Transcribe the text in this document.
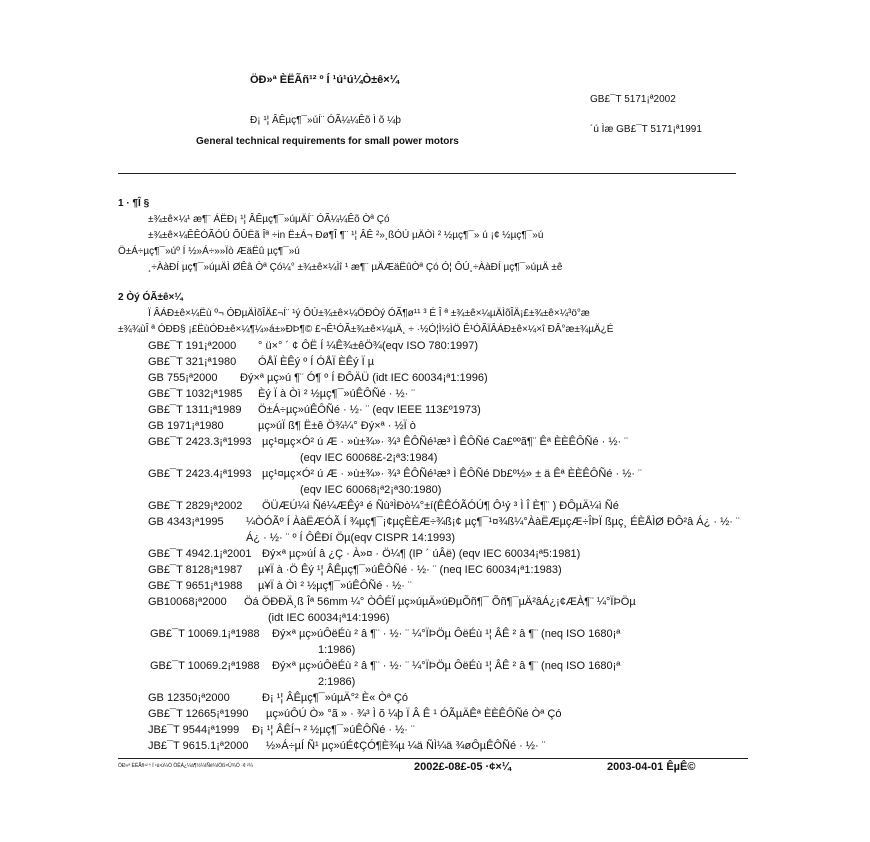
ÖÐ»ª ÈËÃñ¹² º Í ¹ú¹ú¼Ò±ê×¼
GB£¯T 5171¡ª2002
Ð¡ ¹¦ ÂÊµç¶¯»úÍ¨ ÓÃ¼¼Êõ Ì õ ¼þ
´ú Ìæ GB£¯T 5171¡ª1991
General technical requirements for small power motors
1 · ¶Î §
±¾±ê×¼¹ æ¶¨ ÁËÐ¡ ¹¦ ÂÊµç¶¯»úµÄÍ¨ ÓÃ¼¼Êõ Òª Çó
±¾±ê×¼ÊÊÓÃÓÚ ÕÛËã Îª ÷in Ë±Á¬ Ðø¶Î ¶¨ ¹¦ ÂÊ ²»¸ßÓÚ µÄÒì ² ½µç¶¯» ú ¡¢ ½µç¶¯»ú
Ö±Á÷µç¶¯»úº Í ½»Á÷»»Ïò ÆäËû µç¶¯»ú
¸÷ÀàÐÍ µç¶¯»úµÄÌ ØÊâ Òª Çó¼° ±¾±ê×¼Ìî ¹ æ¶¨ µÄÆäËûÒª Çó Ó¦ ÔÚ¸÷ÀàÐÍ µç¶¯»úµÄ ±ê
2 Òý ÓÃ±ê×¼
Ï ÂÁÐ±ê×¼Ëù º¬ ÓÐµÄÌõÎÄ£¬Í¨ ¹ý ÔÚ±¾±ê×¼ÖÐÒý ÓÃ¶ø¹¹ ³ É Î ª ±¾±ê×¼µÄÌõÎÄ¡£±¾±ê×¼³ö°æ
±¾¾ùÎ ª ÓÐÐ§ ¡£ËùÓÐ±ê×¼¶¼»á±»ÐÞ¶© £¬Ê¹ÓÃ±¾±ê×¼µÄ¸ ÷ ·½Ó¦Ì½ÌÖ Ê¹ÓÃÏÂÁÐ±ê×¼×î ÐÂ°æ±¾µÄ¿É
GB£¯T 191¡ª2000 ° ü×° ´ ¢ ÔË Í ¼Ê¾±êÖ¾(eqv ISO 780:1997)
GB£¯T 321¡ª1980 ÓÅÏ ÈÊý º Í ÓÅÏ ÈÊý Ï µ
GB 755¡ª2000 Ðý×ª µç»ú ¶¨ Ó¶ º Í ÐÔÄÜ (idt IEC 60034¡ª1:1996)
GB£¯T 1032¡ª1985 Èý Ï à Òì ² ½µç¶¯»úÊÔÑé · ½· ¨
GB£¯T 1311¡ª1989 Ö±Á÷µç»úÊÔÑé · ½· ¨ (eqv IEEE 113£º1973)
GB 1971¡ª1980	µç»úÏ ß¶ Ë±ê Ö¾¼° Ðý×ª · ½Ï ò
GB£¯T 2423.3¡ª1993 µç¹¤µç×Ó² ú Æ · »ù±¾»· ¾³ ÊÔÑé¹æ³ Ì ÊÔÑé Ca£ººã¶¨ Êª ÈÈÊÔÑé · ½· ¨
(eqv IEC 60068£-2¡ª3:1984)
GB£¯T 2423.4¡ª1993 µç¹¤µç×Ó² ú Æ · »ù±¾»· ¾³ ÊÔÑé¹æ³ Ì ÊÔÑé Db£º½» ± ä Êª ÈÈÊÔÑé · ½· ¨
(eqv IEC 60068¡ª2¡ª30:1980)
GB£¯T 2829¡ª2002 ÖÜÆÚ¼ì Ñé¼ÆÊý³ é Ñù³ÌÐò¼°±í(ÊÊÓÃÓÚ¶ Ô¹ý ³ Ì Î È¶¨ ) ÐÔµÄ¼ì Ñé
GB 4343¡ª1995 ¼ÒÓÃº Í ÀàËÆÓÃ Í ¾µç¶¯¡¢µçÈÈÆ÷¾ß¡¢ µç¶¯¹¤¾ß¼°ÀàËÆµçÆ÷ÎÞÏ ßµç¸ ÉÈÅÌØ ÐÔ²â Á¿ · ½· ¨
Á¿ · ½· ¨ º Í ÔÊÐí Öµ(eqv CISPR 14:1993)
GB£¯T 4942.1¡ª2001 Ðý×ª µç»úÍ â ¿Ç · À»¤ · Ö¼¶ (IP ´ úÂë) (eqv IEC 60034¡ª5:1981)
GB£¯T 8128¡ª1987 µ¥Ï à ·Ö Êý ¹¦ ÂÊµç¶¯»úÊÔÑé · ½· ¨ (neq IEC 60034¡ª1:1983)
GB£¯T 9651¡ª1988 µ¥Ï à Òì ² ½µç¶¯»úÊÔÑé · ½· ¨
GB10068¡ª2000 Öá ÖÐÐÄ¸ß Îª 56mm ¼° ÒÔÉÏ µç»úµÄ»úÐµÕñ¶¯ Õñ¶¯µÄ²âÁ¿¡¢ÆÀ¶¨ ¼°ÏÞÖµ
(idt IEC 60034¡ª14:1996)
GB£¯T 10069.1¡ª1988 Ðý×ª µç»úÔëÉù ² â ¶¨ · ½· ¨ ¼°ÏÞÖµ ÔëÉù ¹¦ ÂÊ ² â ¶¨ (neq ISO 1680¡ª
1:1986)
GB£¯T 10069.2¡ª1988 Ðý×ª µç»úÔëÉù ² â ¶¨ · ½· ¨ ¼°ÏÞÖµ ÔëÉù ¹¦ ÂÊ ² â ¶¨ (neq ISO 1680¡ª
2:1986)
GB 12350¡ª2000	Ð¡ ¹¦ ÂÊµç¶¯»úµÄ°² È« Òª Çó
GB£¯T 12665¡ª1990 µç»úÔÚ Ò» °ã » · ¾³ Ì õ ¼þ Ï Â Ê ¹ ÓÃµÄÊª ÈÈÊÔÑé Òª Çó
JB£¯T 9544¡ª1999 Ð¡ ¹¦ ÂÊÍ¬ ² ½µç¶¯»úÊÔÑé · ½· ¨
JB£¯T 9615.1¡ª2000 ½»Á÷µÍ Ñ¹ µç»úÉ¢ÇÓ¶È¾µ ¼ä ÑÌ¼ä ¾øÔµÊÔÑé · ½· ¨
ÖÐ»ª ÈËÃñ¹² º Í ¹ú¹ú¼Ò ÖÊÁ¿¼à¶½¼ìÑé¼ìÒß×Ü¾Ö ·¢ ²¼	2002£-08£-05 ·¢×¼	2003-04-01 ÊµÊ©
